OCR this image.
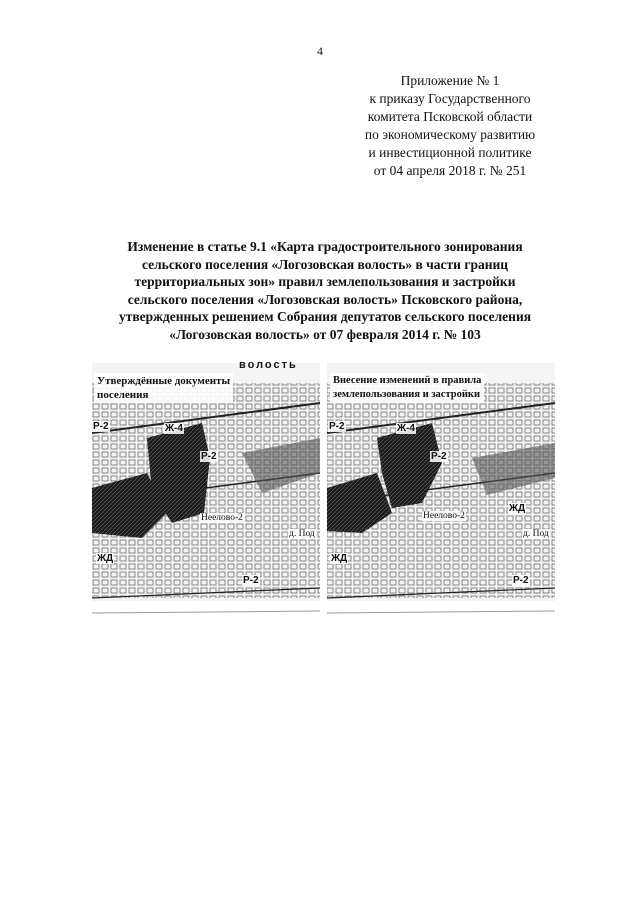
4
Приложение № 1
к приказу Государственного
комитета Псковской области
по экономическому развитию
и инвестиционной политике
от 04 апреля 2018 г. № 251
Изменение в статье 9.1 «Карта градостроительного зонирования
сельского поселения «Логозовская волость» в части границ
территориальных зон» правил землепользования и застройки
сельского поселения «Логозовская волость» Псковского района,
утвержденных решением Собрания депутатов сельского поселения
«Логозовская волость» от 07 февраля 2014 г. № 103
волость
Утверждённые документы
поселения
Ж-4
Р-2
Р-2
ЖД
Р-2
Неелово-2
д. Под
Внесение изменений в правила
землепользования и застройки
Ж-4
Р-2
Р-2
ЖД
Р-2
ЖД
Неелово-2
д. Под
